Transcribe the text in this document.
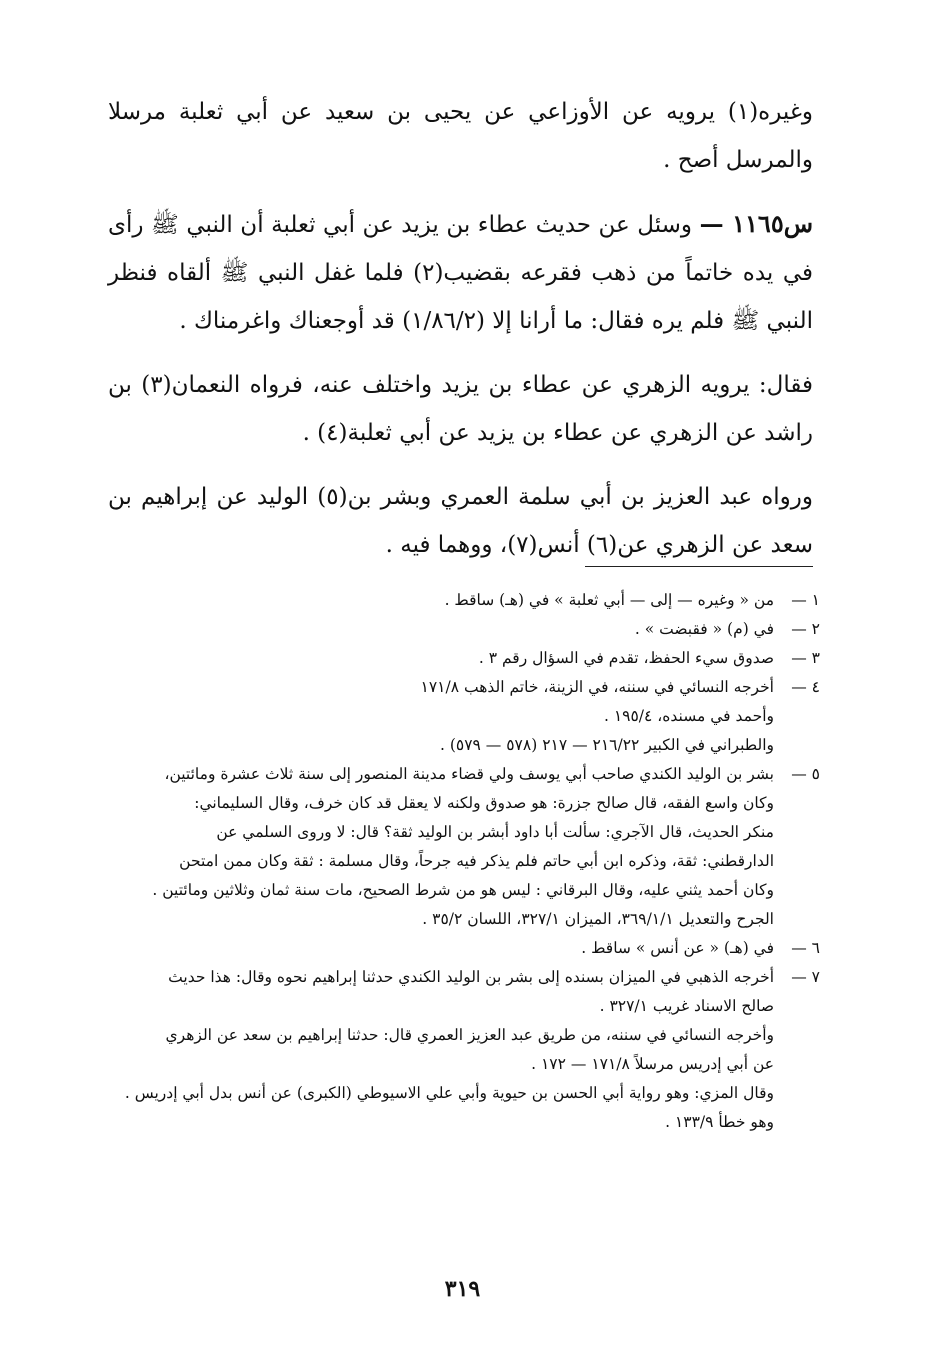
وغيره(١) يرويه عن الأوزاعي عن يحيى بن سعيد عن أبي ثعلبة مرسلا والمرسل أصح .

س١١٦٥ — وسئل عن حديث عطاء بن يزيد عن أبي ثعلبة أن النبي ﷺ رأى في يده خاتماً من ذهب فقرعه بقضيب(٢) فلما غفل النبي ﷺ ألقاه فنظر النبي ﷺ فلم يره فقال: ما أرانا إلا (١/٨٦/٢) قد أوجعناك واغرمناك .

فقال: يرويه الزهري عن عطاء بن يزيد واختلف عنه، فرواه النعمان(٣) بن راشد عن الزهري عن عطاء بن يزيد عن أبي ثعلبة(٤) .

ورواه عبد العزيز بن أبي سلمة العمري وبشر بن(٥) الوليد عن إبراهيم بن سعد عن الزهري عن(٦) أنس(٧)، ووهما فيه .

١ —
من « وغيره — إلى — أبي ثعلبة » في (هـ) ساقط .
٢ —
في (م) « فقبضت » .
٣ —
صدوق سيء الحفظ، تقدم في السؤال رقم ٣ .
٤ —
أخرجه النسائي في سننه، في الزينة، خاتم الذهب ١٧١/٨
وأحمد في مسنده، ١٩٥/٤ .
والطبراني في الكبير ٢١٦/٢٢ — ٢١٧ (٥٧٨ — ٥٧٩) .
٥ —
بشر بن الوليد الكندي صاحب أبي يوسف ولي قضاء مدينة المنصور إلى سنة ثلاث عشرة ومائتين،
وكان واسع الفقه، قال صالح جزرة: هو صدوق ولكنه لا يعقل قد كان خرف، وقال السليماني:
منكر الحديث، قال الآجري: سألت أبا داود أبشر بن الوليد ثقة؟ قال: لا وروى السلمي عن
الدارقطني: ثقة، وذكره ابن أبي حاتم فلم يذكر فيه جرحاً، وقال مسلمة : ثقة وكان ممن امتحن
وكان أحمد يثني عليه، وقال البرقاني : ليس هو من شرط الصحيح، مات سنة ثمان وثلاثين ومائتين .
الجرح والتعديل ٣٦٩/١/١، الميزان ٣٢٧/١، اللسان ٣٥/٢ .
٦ —
في (هـ) « عن أنس » ساقط .
٧ —
أخرجه الذهبي في الميزان بسنده إلى بشر بن الوليد الكندي حدثنا إبراهيم نحوه وقال: هذا حديث
صالح الاسناد غريب ٣٢٧/١ .
وأخرجه النسائي في سننه، من طريق عبد العزيز العمري قال: حدثنا إبراهيم بن سعد عن الزهري
عن أبي إدريس مرسلاً ١٧١/٨ — ١٧٢ .
وقال المزي: وهو رواية أبي الحسن بن حيوية وأبي علي الاسيوطي (الكبرى) عن أنس بدل أبي إدريس .
وهو خطأ ١٣٣/٩ .
٣١٩
